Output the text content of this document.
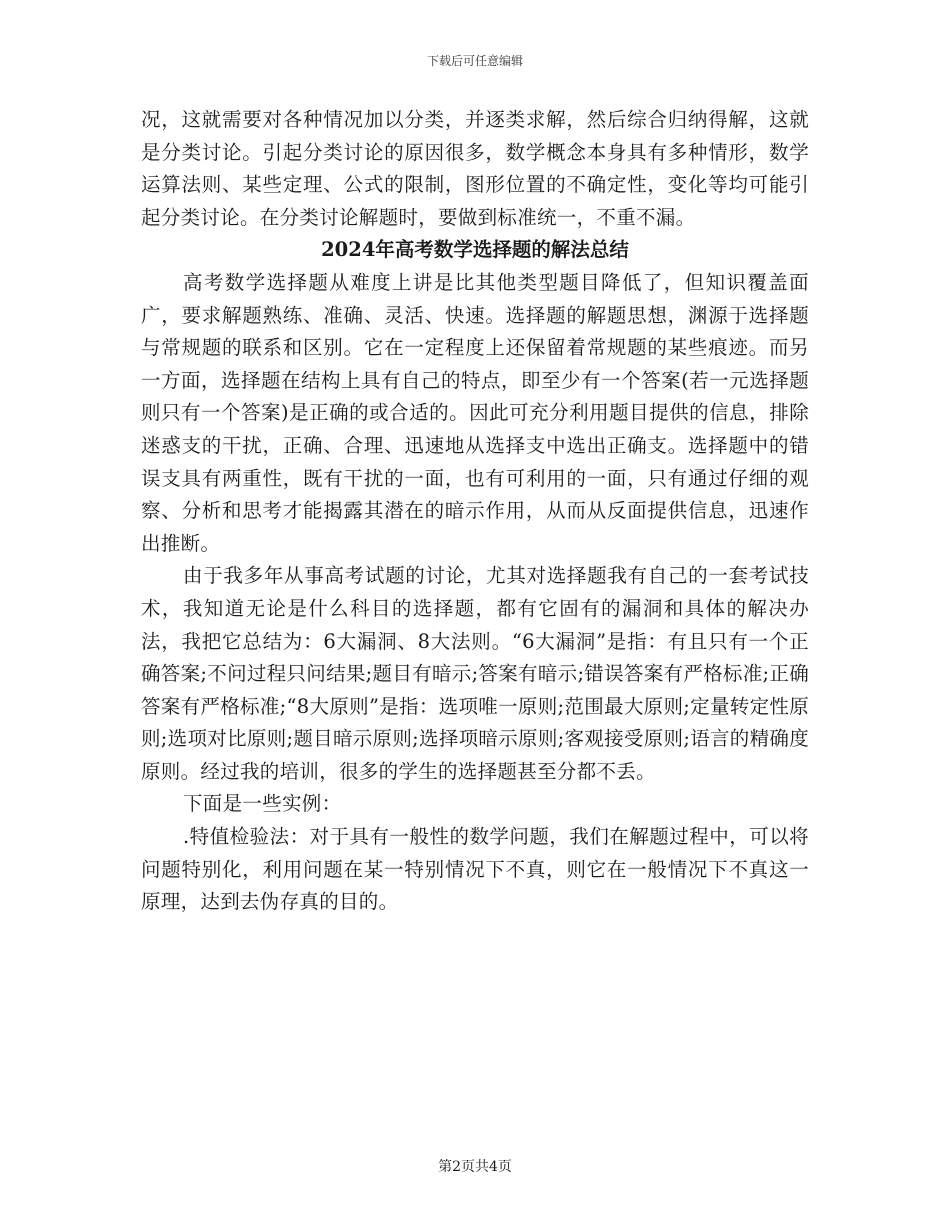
下载后可任意编辑

况，这就需要对各种情况加以分类，并逐类求解，然后综合归纳得解，这就是分类讨论。引起分类讨论的原因很多，数学概念本身具有多种情形，数学运算法则、某些定理、公式的限制，图形位置的不确定性，变化等均可能引起分类讨论。在分类讨论解题时，要做到标准统一，不重不漏。

2024年高考数学选择题的解法总结

高考数学选择题从难度上讲是比其他类型题目降低了，但知识覆盖面广，要求解题熟练、准确、灵活、快速。选择题的解题思想，渊源于选择题与常规题的联系和区别。它在一定程度上还保留着常规题的某些痕迹。而另一方面，选择题在结构上具有自己的特点，即至少有一个答案(若一元选择题则只有一个答案)是正确的或合适的。因此可充分利用题目提供的信息，排除迷惑支的干扰，正确、合理、迅速地从选择支中选出正确支。选择题中的错误支具有两重性，既有干扰的一面，也有可利用的一面，只有通过仔细的观察、分析和思考才能揭露其潜在的暗示作用，从而从反面提供信息，迅速作出推断。

由于我多年从事高考试题的讨论，尤其对选择题我有自己的一套考试技术，我知道无论是什么科目的选择题，都有它固有的漏洞和具体的解决办法，我把它总结为：6大漏洞、8大法则。“6大漏洞”是指：有且只有一个正确答案;不问过程只问结果;题目有暗示;答案有暗示;错误答案有严格标准;正确答案有严格标准;“8大原则”是指：选项唯一原则;范围最大原则;定量转定性原则;选项对比原则;题目暗示原则;选择项暗示原则;客观接受原则;语言的精确度原则。经过我的培训，很多的学生的选择题甚至分都不丢。

下面是一些实例：

.特值检验法：对于具有一般性的数学问题，我们在解题过程中，可以将问题特别化，利用问题在某一特别情况下不真，则它在一般情况下不真这一原理，达到去伪存真的目的。

第2页共4页
